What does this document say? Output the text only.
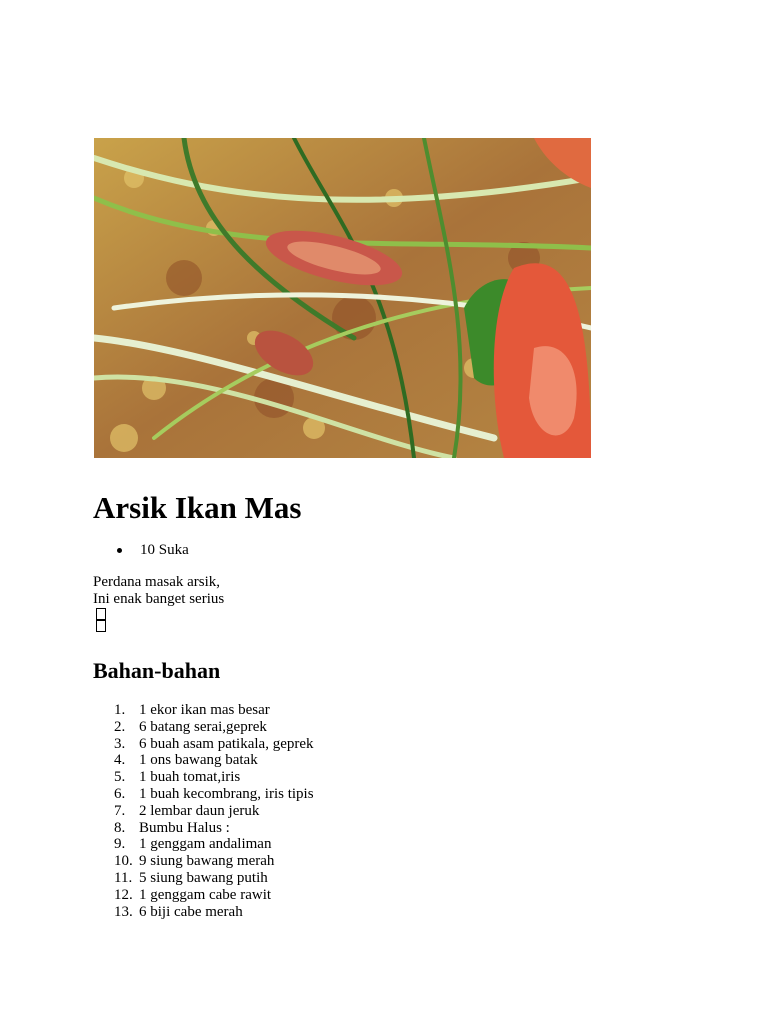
Arsik Ikan Mas
10 Suka

Perdana masak arsik,
Ini enak banget serius

Bahan-bahan
1. 1 ekor ikan mas besar
2. 6 batang serai,geprek
3. 6 buah asam patikala, geprek
4. 1 ons bawang batak
5. 1 buah tomat,iris
6. 1 buah kecombrang, iris tipis
7. 2 lembar daun jeruk
8. Bumbu Halus :
9. 1 genggam andaliman
10. 9 siung bawang merah
11. 5 siung bawang putih
12. 1 genggam cabe rawit
13. 6 biji cabe merah
